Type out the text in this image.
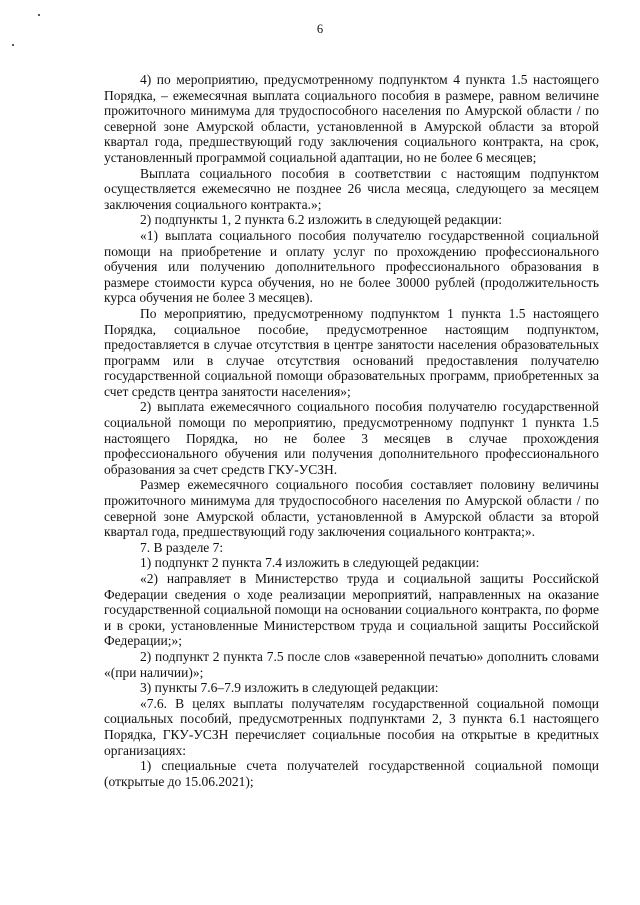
6

4) по мероприятию, предусмотренному подпунктом 4 пункта 1.5 настоящего Порядка, – ежемесячная выплата социального пособия в размере, равном величине прожиточного минимума для трудоспособного населения по Амурской области / по северной зоне Амурской области, установленной в Амурской области за второй квартал года, предшествующий году заключения социального контракта, на срок, установленный программой социальной адаптации, но не более 6 месяцев;

Выплата социального пособия в соответствии с настоящим подпунктом осуществляется ежемесячно не позднее 26 числа месяца, следующего за месяцем заключения социального контракта.»;

2) подпункты 1, 2 пункта 6.2 изложить в следующей редакции:

«1) выплата социального пособия получателю государственной социальной помощи на приобретение и оплату услуг по прохождению профессионального обучения или получению дополнительного профессионального образования в размере стоимости курса обучения, но не более 30000 рублей (продолжительность курса обучения не более 3 месяцев).

По мероприятию, предусмотренному подпунктом 1 пункта 1.5 настоящего Порядка, социальное пособие, предусмотренное настоящим подпунктом, предоставляется в случае отсутствия в центре занятости населения образовательных программ или в случае отсутствия оснований предоставления получателю государственной социальной помощи образовательных программ, приобретенных за счет средств центра занятости населения»;

2) выплата ежемесячного социального пособия получателю государственной социальной помощи по мероприятию, предусмотренному подпункт 1 пункта 1.5 настоящего Порядка, но не более 3 месяцев в случае прохождения профессионального обучения или получения дополнительного профессионального образования за счет средств ГКУ-УСЗН.

Размер ежемесячного социального пособия составляет половину величины прожиточного минимума для трудоспособного населения по Амурской области / по северной зоне Амурской области, установленной в Амурской области за второй квартал года, предшествующий году заключения социального контракта;».

7. В разделе 7:

1) подпункт 2 пункта 7.4 изложить в следующей редакции:

«2) направляет в Министерство труда и социальной защиты Российской Федерации сведения о ходе реализации мероприятий, направленных на оказание государственной социальной помощи на основании социального контракта, по форме и в сроки, установленные Министерством труда и социальной защиты Российской Федерации;»;

2) подпункт 2 пункта 7.5 после слов «заверенной печатью» дополнить словами «(при наличии)»;

3) пункты 7.6–7.9 изложить в следующей редакции:

«7.6. В целях выплаты получателям государственной социальной помощи социальных пособий, предусмотренных подпунктами 2, 3 пункта 6.1 настоящего Порядка, ГКУ-УСЗН перечисляет социальные пособия на открытые в кредитных организациях:

1) специальные счета получателей государственной социальной помощи (открытые до 15.06.2021);
